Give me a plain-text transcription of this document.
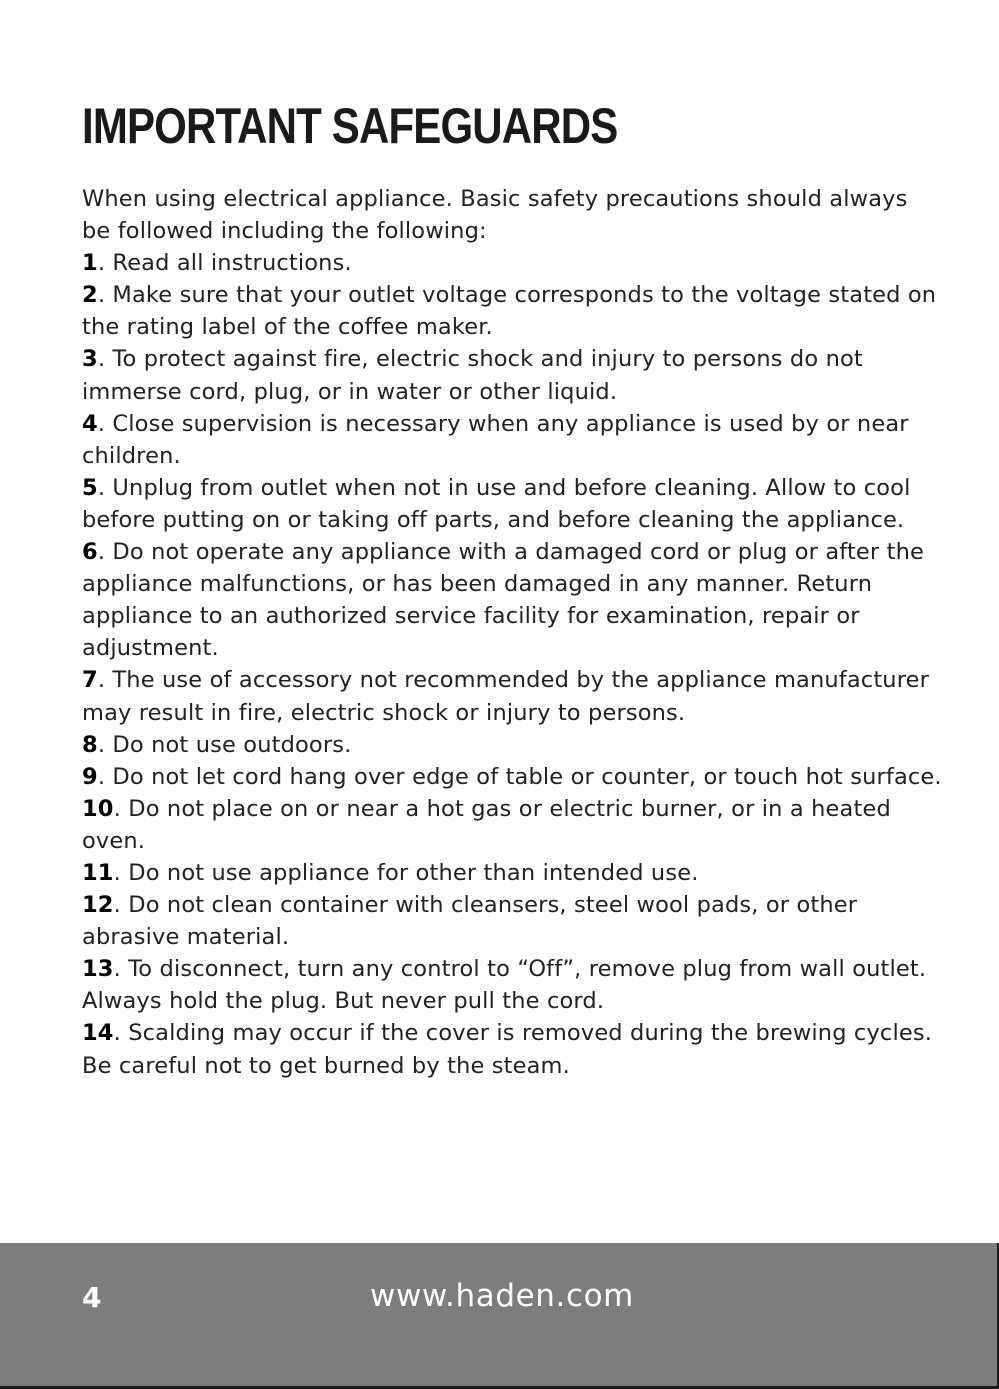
IMPORTANT SAFEGUARDS

When using electrical appliance. Basic safety precautions should always be followed including the following:

1. Read all instructions.

2. Make sure that your outlet voltage corresponds to the voltage stated on the rating label of the coffee maker.

3. To protect against fire, electric shock and injury to persons do not immerse cord, plug, or in water or other liquid.

4. Close supervision is necessary when any appliance is used by or near children.

5. Unplug from outlet when not in use and before cleaning. Allow to cool before putting on or taking off parts, and before cleaning the appliance.

6. Do not operate any appliance with a damaged cord or plug or after the appliance malfunctions, or has been damaged in any manner. Return appliance to an authorized service facility for examination, repair or adjustment.

7. The use of accessory not recommended by the appliance manufacturer may result in fire, electric shock or injury to persons.

8. Do not use outdoors.

9. Do not let cord hang over edge of table or counter, or touch hot surface.

10. Do not place on or near a hot gas or electric burner, or in a heated oven.

11. Do not use appliance for other than intended use.

12. Do not clean container with cleansers, steel wool pads, or other abrasive material.

13. To disconnect, turn any control to “Off”, remove plug from wall outlet. Always hold the plug. But never pull the cord.

14. Scalding may occur if the cover is removed during the brewing cycles. Be careful not to get burned by the steam.

4	www.haden.com
